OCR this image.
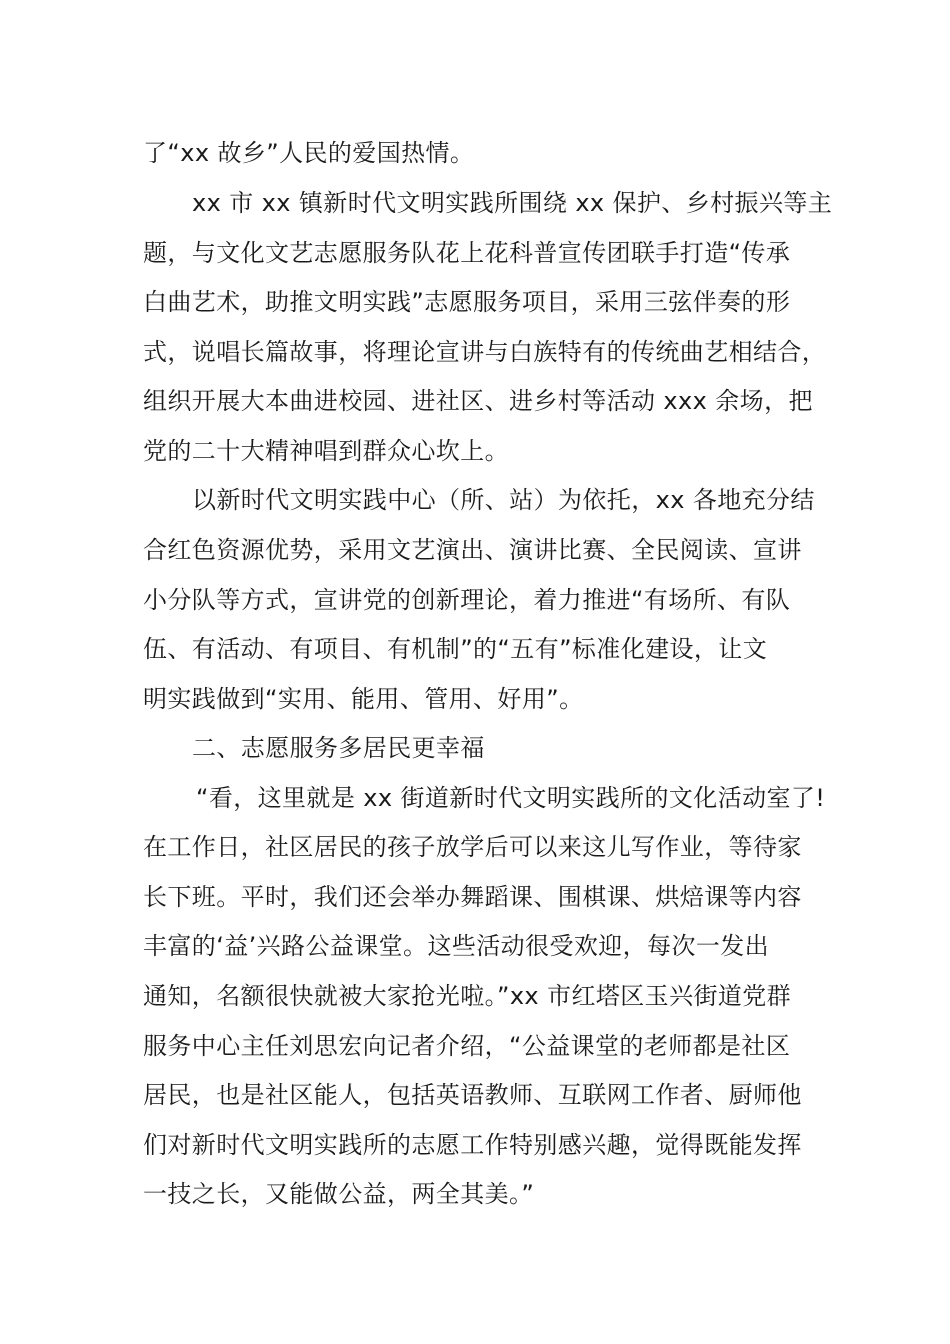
了“xx 故乡”人民的爱国热情。
xx 市 xx 镇新时代文明实践所围绕 xx 保护、乡村振兴等主
题，与文化文艺志愿服务队花上花科普宣传团联手打造“传承
白曲艺术，助推文明实践”志愿服务项目，采用三弦伴奏的形
式，说唱长篇故事，将理论宣讲与白族特有的传统曲艺相结合，
组织开展大本曲进校园、进社区、进乡村等活动 xxx 余场，把
党的二十大精神唱到群众心坎上。
以新时代文明实践中心（所、站）为依托，xx 各地充分结
合红色资源优势，采用文艺演出、演讲比赛、全民阅读、宣讲
小分队等方式，宣讲党的创新理论，着力推进“有场所、有队
伍、有活动、有项目、有机制”的“五有”标准化建设，让文
明实践做到“实用、能用、管用、好用”。
二、志愿服务多居民更幸福
“看，这里就是 xx 街道新时代文明实践所的文化活动室了!
在工作日，社区居民的孩子放学后可以来这儿写作业，等待家
长下班。平时，我们还会举办舞蹈课、围棋课、烘焙课等内容
丰富的‘益’兴路公益课堂。这些活动很受欢迎，每次一发出
通知，名额很快就被大家抢光啦。”xx 市红塔区玉兴街道党群
服务中心主任刘思宏向记者介绍，“公益课堂的老师都是社区
居民，也是社区能人，包括英语教师、互联网工作者、厨师他
们对新时代文明实践所的志愿工作特别感兴趣，觉得既能发挥
一技之长，又能做公益，两全其美。”
